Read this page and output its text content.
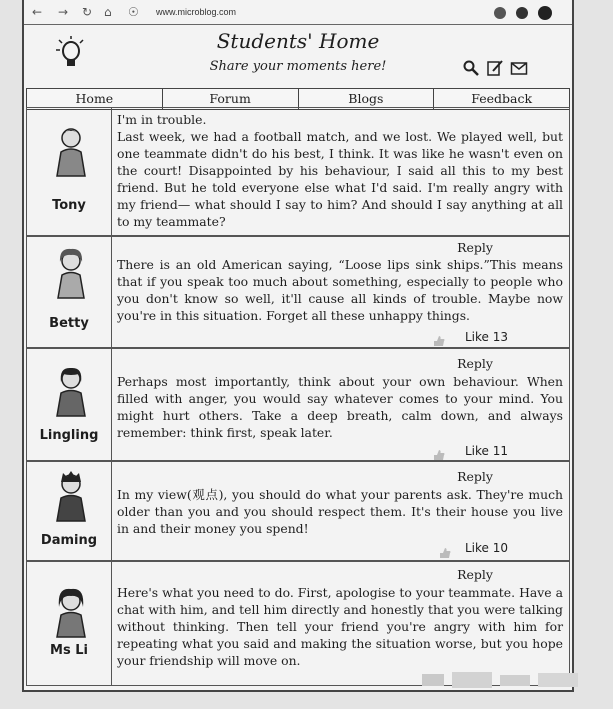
← → ↻ ⌂ ☉ www.microblog.com
Students' Home
Share your moments here!
Home	Forum	Blogs	Feedback
Tony

I'm in trouble.
Last week, we had a football match, and we lost. We played well, but one teammate didn't do his best, I think. It was like he wasn't even on the court! Disappointed by his behaviour, I said all this to my best friend. But he told everyone else what I'd said. I'm really angry with my friend— what should I say to him? And should I say anything at all to my teammate?

Betty
Reply

There is an old American saying, “Loose lips sink ships.”This means that if you speak too much about something, especially to people who you don't know so well, it'll cause all kinds of trouble. Maybe now you're in this situation. Forget all these unhappy things.

Like 13
Lingling
Reply

Perhaps most importantly, think about your own behaviour. When filled with anger, you would say whatever comes to your mind. You might hurt others. Take a deep breath, calm down, and always remember: think first, speak later.

Like 11
Daming
Reply

In my view(观点), you should do what your parents ask. They're much older than you and you should respect them. It's their house you live in and their money you spend!

Like 10
Ms Li
Reply

Here's what you need to do. First, apologise to your teammate. Have a chat with him, and tell him directly and honestly that you were talking without thinking. Then tell your friend you're angry with him for repeating what you said and making the situation worse, but you hope your friendship will move on.
